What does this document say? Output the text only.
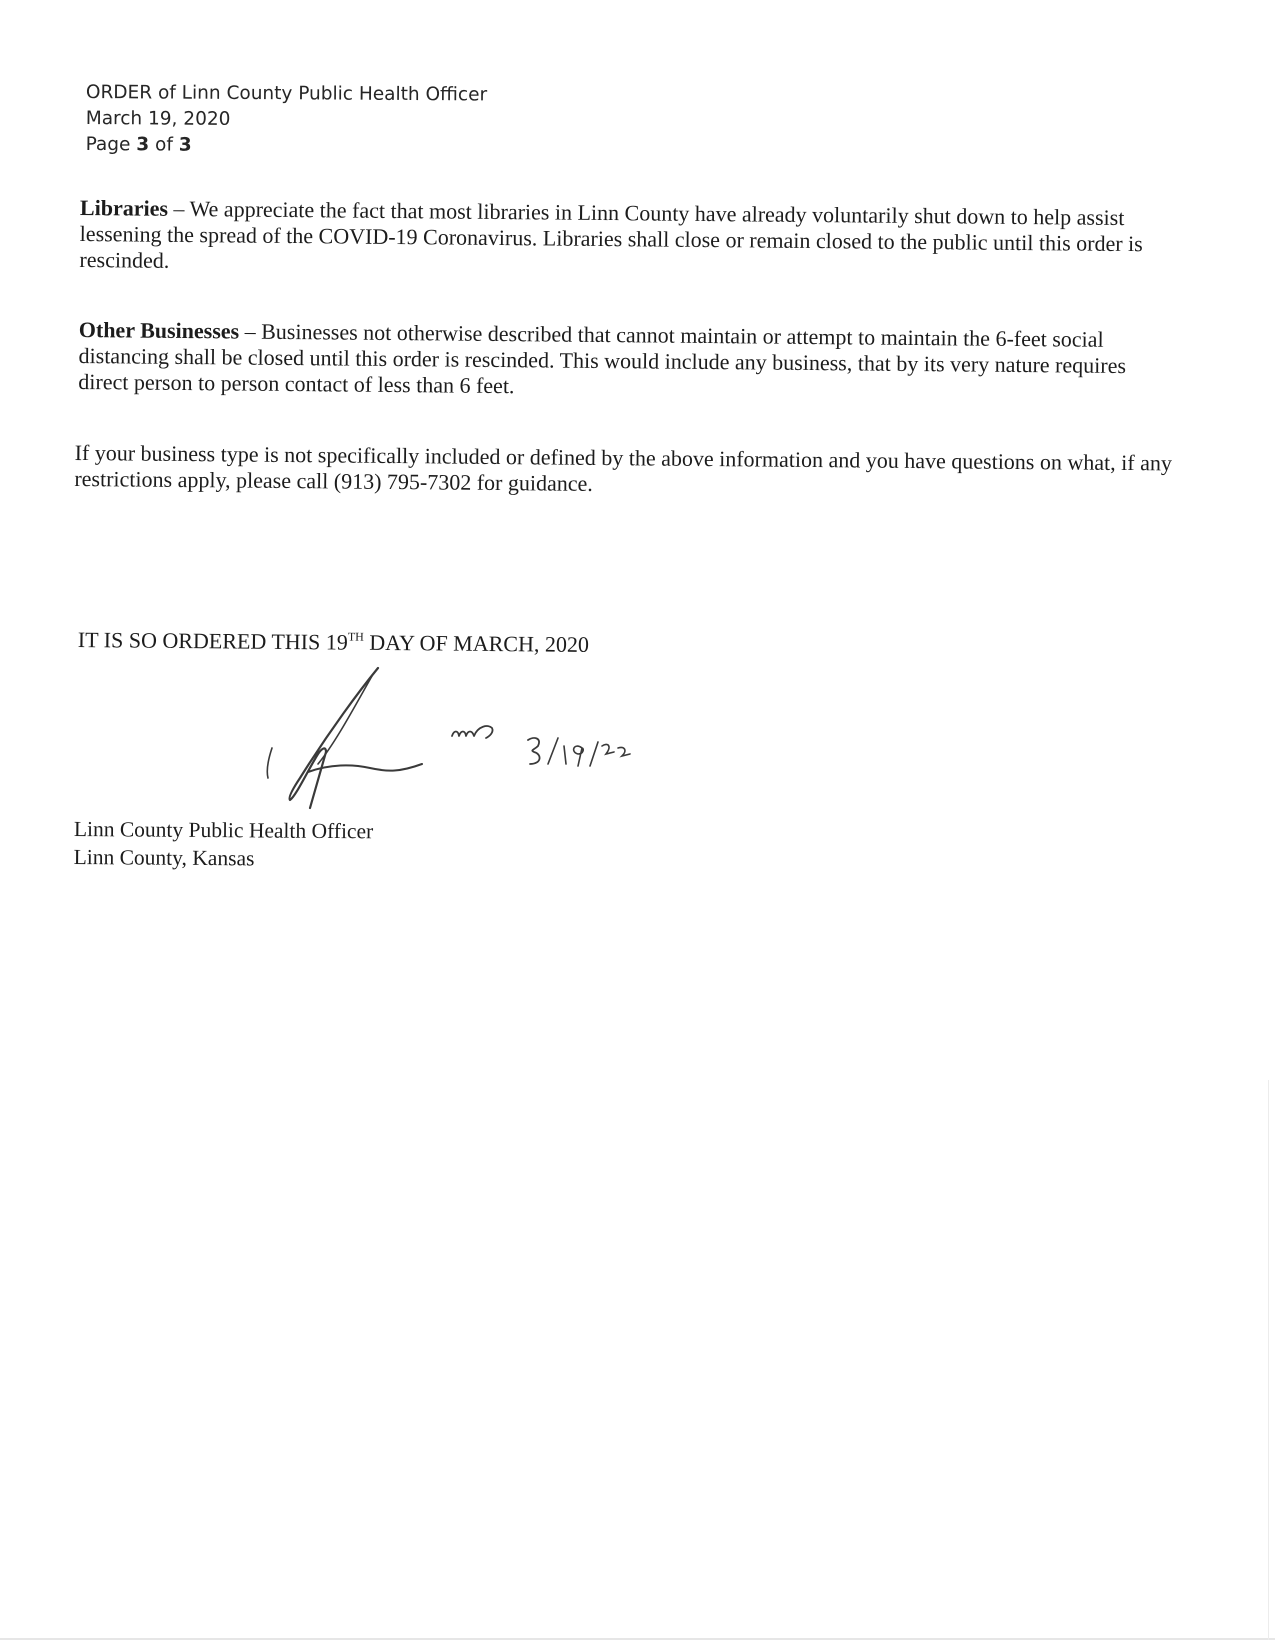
ORDER of Linn County Public Health Officer
March 19, 2020
Page 3 of 3
Libraries – We appreciate the fact that most libraries in Linn County have already voluntarily shut down to help assist lessening the spread of the COVID-19 Coronavirus. Libraries shall close or remain closed to the public until this order is rescinded.
Other Businesses – Businesses not otherwise described that cannot maintain or attempt to maintain the 6-feet social distancing shall be closed until this order is rescinded. This would include any business, that by its very nature requires direct person to person contact of less than 6 feet.
If your business type is not specifically included or defined by the above information and you have questions on what, if any restrictions apply, please call (913) 795-7302 for guidance.
IT IS SO ORDERED THIS 19TH DAY OF MARCH, 2020
Linn County Public Health Officer
Linn County, Kansas
